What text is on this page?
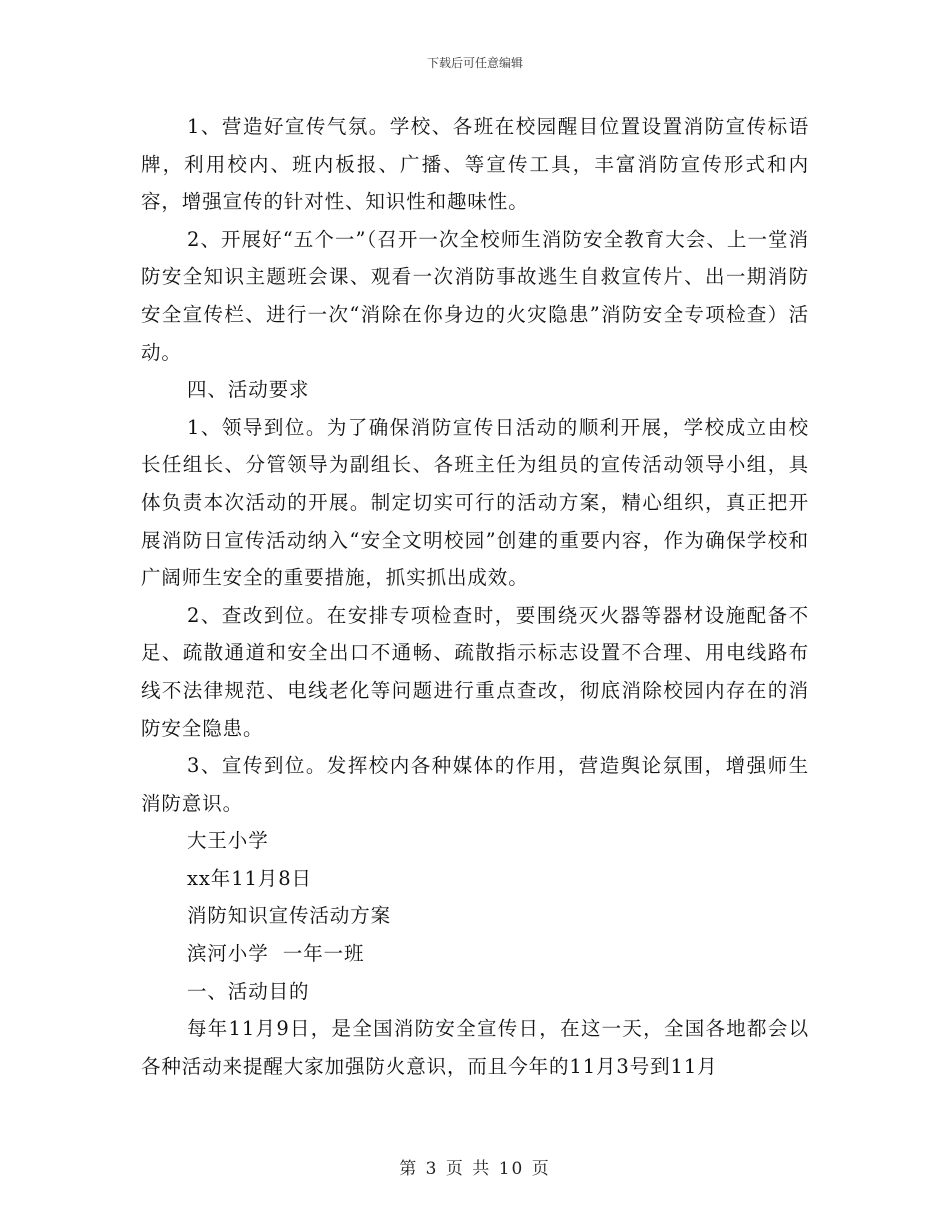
下载后可任意编辑

1、营造好宣传气氛。学校、各班在校园醒目位置设置消防宣传标语牌，利用校内、班内板报、广播、等宣传工具，丰富消防宣传形式和内容，增强宣传的针对性、知识性和趣味性。

2、开展好“五个一”（召开一次全校师生消防安全教育大会、上一堂消防安全知识主题班会课、观看一次消防事故逃生自救宣传片、出一期消防安全宣传栏、进行一次“消除在你身边的火灾隐患”消防安全专项检查）活动。

四、活动要求

1、领导到位。为了确保消防宣传日活动的顺利开展，学校成立由校长任组长、分管领导为副组长、各班主任为组员的宣传活动领导小组，具体负责本次活动的开展。制定切实可行的活动方案，精心组织，真正把开展消防日宣传活动纳入“安全文明校园”创建的重要内容，作为确保学校和广阔师生安全的重要措施，抓实抓出成效。

2、查改到位。在安排专项检查时，要围绕灭火器等器材设施配备不足、疏散通道和安全出口不通畅、疏散指示标志设置不合理、用电线路布线不法律规范、电线老化等问题进行重点查改，彻底消除校园内存在的消防安全隐患。

3、宣传到位。发挥校内各种媒体的作用，营造舆论氛围，增强师生消防意识。

大王小学

xx年11月8日

消防知识宣传活动方案

滨河小学  一年一班

一、活动目的

每年11月9日，是全国消防安全宣传日，在这一天，全国各地都会以各种活动来提醒大家加强防火意识，而且今年的11月3号到11月

第 3 页 共 10 页
